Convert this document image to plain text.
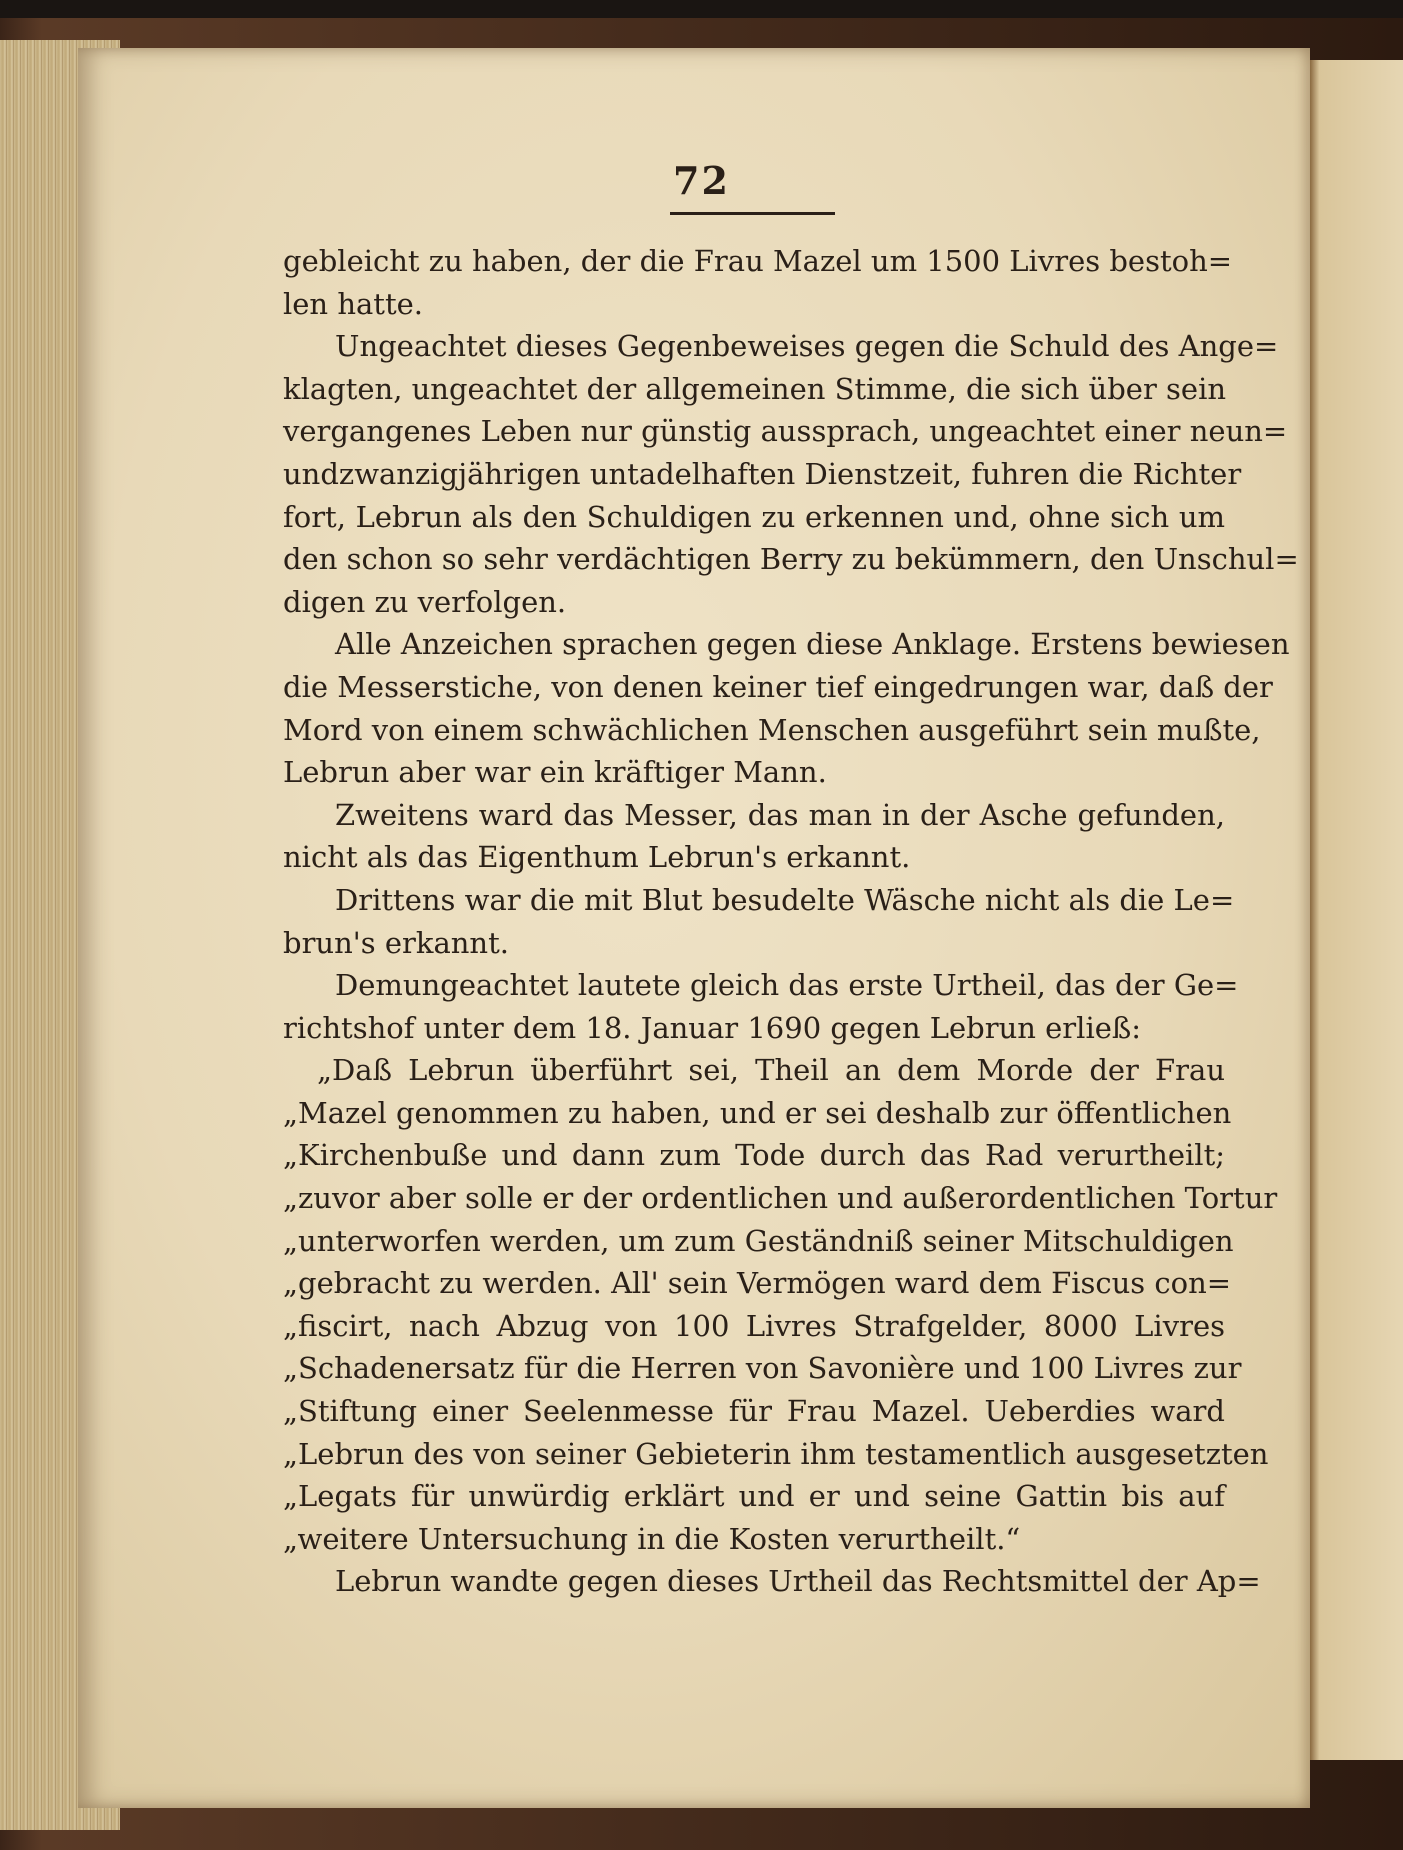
72
gebleicht zu haben, der die Frau Mazel um 1500 Livres bestoh=
len hatte.
Ungeachtet dieses Gegenbeweises gegen die Schuld des Ange=
klagten, ungeachtet der allgemeinen Stimme, die sich über sein
vergangenes Leben nur günstig aussprach, ungeachtet einer neun=
undzwanzigjährigen untadelhaften Dienstzeit, fuhren die Richter
fort, Lebrun als den Schuldigen zu erkennen und, ohne sich um
den schon so sehr verdächtigen Berry zu bekümmern, den Unschul=
digen zu verfolgen.
Alle Anzeichen sprachen gegen diese Anklage. Erstens bewiesen
die Messerstiche, von denen keiner tief eingedrungen war, daß der
Mord von einem schwächlichen Menschen ausgeführt sein mußte,
Lebrun aber war ein kräftiger Mann.
Zweitens ward das Messer, das man in der Asche gefunden,
nicht als das Eigenthum Lebrun's erkannt.
Drittens war die mit Blut besudelte Wäsche nicht als die Le=
brun's erkannt.
Demungeachtet lautete gleich das erste Urtheil, das der Ge=
richtshof unter dem 18. Januar 1690 gegen Lebrun erließ:
„Daß Lebrun überführt sei, Theil an dem Morde der Frau
„Mazel genommen zu haben, und er sei deshalb zur öffentlichen
„Kirchenbuße und dann zum Tode durch das Rad verurtheilt;
„zuvor aber solle er der ordentlichen und außerordentlichen Tortur
„unterworfen werden, um zum Geständniß seiner Mitschuldigen
„gebracht zu werden. All' sein Vermögen ward dem Fiscus con=
„fiscirt, nach Abzug von 100 Livres Strafgelder, 8000 Livres
„Schadenersatz für die Herren von Savonière und 100 Livres zur
„Stiftung einer Seelenmesse für Frau Mazel. Ueberdies ward
„Lebrun des von seiner Gebieterin ihm testamentlich ausgesetzten
„Legats für unwürdig erklärt und er und seine Gattin bis auf
„weitere Untersuchung in die Kosten verurtheilt.“
Lebrun wandte gegen dieses Urtheil das Rechtsmittel der Ap=
